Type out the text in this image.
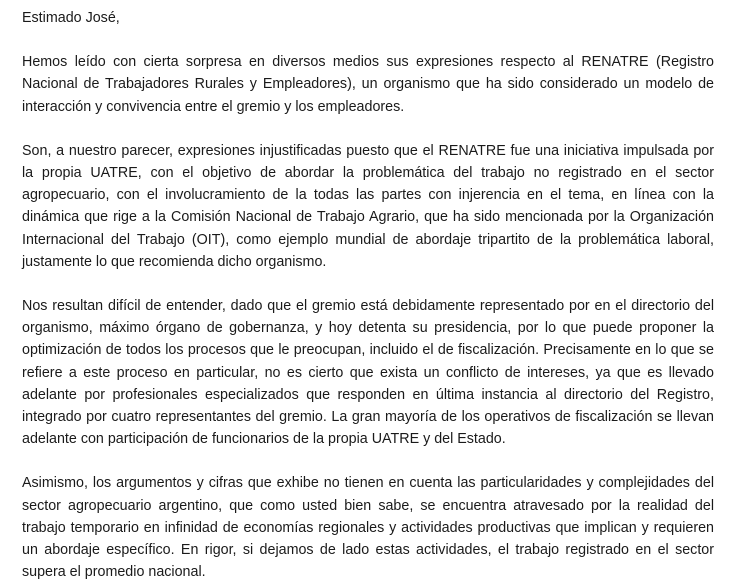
Estimado José,

Hemos leído con cierta sorpresa en diversos medios sus expresiones respecto al RENATRE (Registro Nacional de Trabajadores Rurales y Empleadores), un organismo que ha sido considerado un modelo de interacción y convivencia entre el gremio y los empleadores.

Son, a nuestro parecer, expresiones injustificadas puesto que el RENATRE fue una iniciativa impulsada por la propia UATRE, con el objetivo de abordar la problemática del trabajo no registrado en el sector agropecuario, con el involucramiento de la todas las partes con injerencia en el tema, en línea con la dinámica que rige a la Comisión Nacional de Trabajo Agrario, que ha sido mencionada por la Organización Internacional del Trabajo (OIT), como ejemplo mundial de abordaje tripartito de la problemática laboral, justamente lo que recomienda dicho organismo.

Nos resultan difícil de entender, dado que el gremio está debidamente representado por en el directorio del organismo, máximo órgano de gobernanza, y hoy detenta su presidencia, por lo que puede proponer la optimización de todos los procesos que le preocupan, incluido el de fiscalización. Precisamente en lo que se refiere a este proceso en particular, no es cierto que exista un conflicto de intereses, ya que es llevado adelante por profesionales especializados que responden en última instancia al directorio del Registro, integrado por cuatro representantes del gremio. La gran mayoría de los operativos de fiscalización se llevan adelante con participación de funcionarios de la propia UATRE y del Estado.

Asimismo, los argumentos y cifras que exhibe no tienen en cuenta las particularidades y complejidades del sector agropecuario argentino, que como usted bien sabe, se encuentra atravesado por la realidad del trabajo temporario en infinidad de economías regionales y actividades productivas que implican y requieren un abordaje específico. En rigor, si dejamos de lado estas actividades, el trabajo registrado en el sector supera el promedio nacional.
